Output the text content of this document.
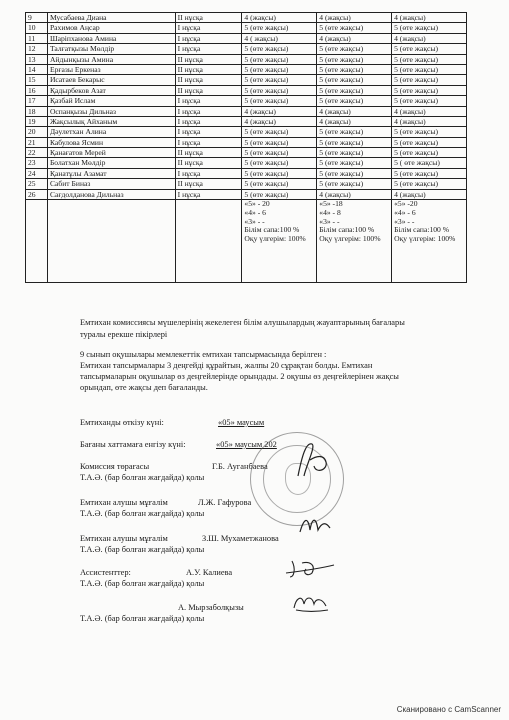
9	Мусабаева Диана	II нұсқа	4 (жақсы)	4 (жақсы)	4 (жақсы)
10	Рахимов Аңсар	I нұсқа	5 (өте жақсы)	5 (өте жақсы)	5 (өте жақсы)
11	Шарiпханова Амина	I нұсқа	4 ( жақсы)	4 (жақсы)	4 (жақсы)
12	Талғатқызы Мөлдір	I нұсқа	5 (өте жақсы)	5 (өте жақсы)	5 (өте жақсы)
13	Айдынқызы Амина	II нұсқа	5 (өте жақсы)	5 (өте жақсы)	5 (өте жақсы)
14	Ерғазы Еркеназ	II нұсқа	5 (өте жақсы)	5 (өте жақсы)	5 (өте жақсы)
15	Исатаев Бекарыс	II нұсқа	5 (өте жақсы)	5 (өте жақсы)	5 (өте жақсы)
16	Қадырбеков Азат	II нұсқа	5 (өте жақсы)	5 (өте жақсы)	5 (өте жақсы)
17	Қазбай Ислам	I нұсқа	5 (өте жақсы)	5 (өте жақсы)	5 (өте жақсы)
18	Оспанқызы Дильназ	I нұсқа	4 (жақсы)	4 (жақсы)	4 (жақсы)
19	Жақсылық Айханым	I нұсқа	4 (жақсы)	4 (жақсы)	4 (жақсы)
20	Дәулетхан Алина	I нұсқа	5 (өте жақсы)	5 (өте жақсы)	5 (өте жақсы)
21	Кабулова Ясмин	I нұсқа	5 (өте жақсы)	5 (өте жақсы)	5 (өте жақсы)
22	Қанағатов Мерей	II нұсқа	5 (өте жақсы)	5 (өте жақсы)	5 (өте жақсы)
23	Болатхан Мөлдір	II нұсқа	5 (өте жақсы)	5 (өте жақсы)	5 ( өте жақсы)
24	Қанатұлы Азамат	I нұсқа	5 (өте жақсы)	5 (өте жақсы)	5 (өте жақсы)
25	Сабит Биназ	II нұсқа	5 (өте жақсы)	5 (өте жақсы)	5 (өте жақсы)
26	Сағдолданова Дильназ	I нұсқа	5 (өте жақсы)	4 (жақсы)	4 (жақсы)

			«5» - 20
«4» - 6
«3» - -
Білім сапа:100 %
Оқу үлгерім: 100%	«5» -18
«4» - 8
«3» - -
Білім сапа:100 %
Оқу үлгерім: 100%	«5» -20
«4» - 6
«3» - -
Білім сапа:100 %
Оқу үлгерім: 100%
Емтихан комиссиясы мүшелерінің жекелеген білім алушылардың жауаптарының бағалары
туралы ерекше пікірлері
9 сынып оқушылары мемлекеттік емтихан тапсырмасында берілген :
Емтихан тапсырмалары 3 деңгейді құрайтын, жалпы 20 сұрақтан болды. Емтихан
тапсырмаларын оқушылар өз деңгейлерінде орындады. 2 оқушы өз деңгейлерінен жақсы
орындап, өте жақсы деп бағаланды.
Емтиханды өткізу күні:	«05» маусым
Бағаны хаттамаға енгізу күні:	«05» маусым 202
Комиссия төрағасы	Г.Б. Ауганбаева
Т.А.Ә. (бар болған жағдайда) қолы
Емтихан алушы мұғалім	Л.Ж. Гафурова
Т.А.Ә. (бар болған жағдайда) қолы
Емтихан алушы мұғалім	З.Ш. Мухаметжанова
Т.А.Ә. (бар болған жағдайда) қолы
Ассистенттер:	А.У. Калиева
Т.А.Ә. (бар болған жағдайда) қолы
А. Мырзаболқызы
Т.А.Ә. (бар болған жағдайда) қолы
Сканировано с CamScanner
